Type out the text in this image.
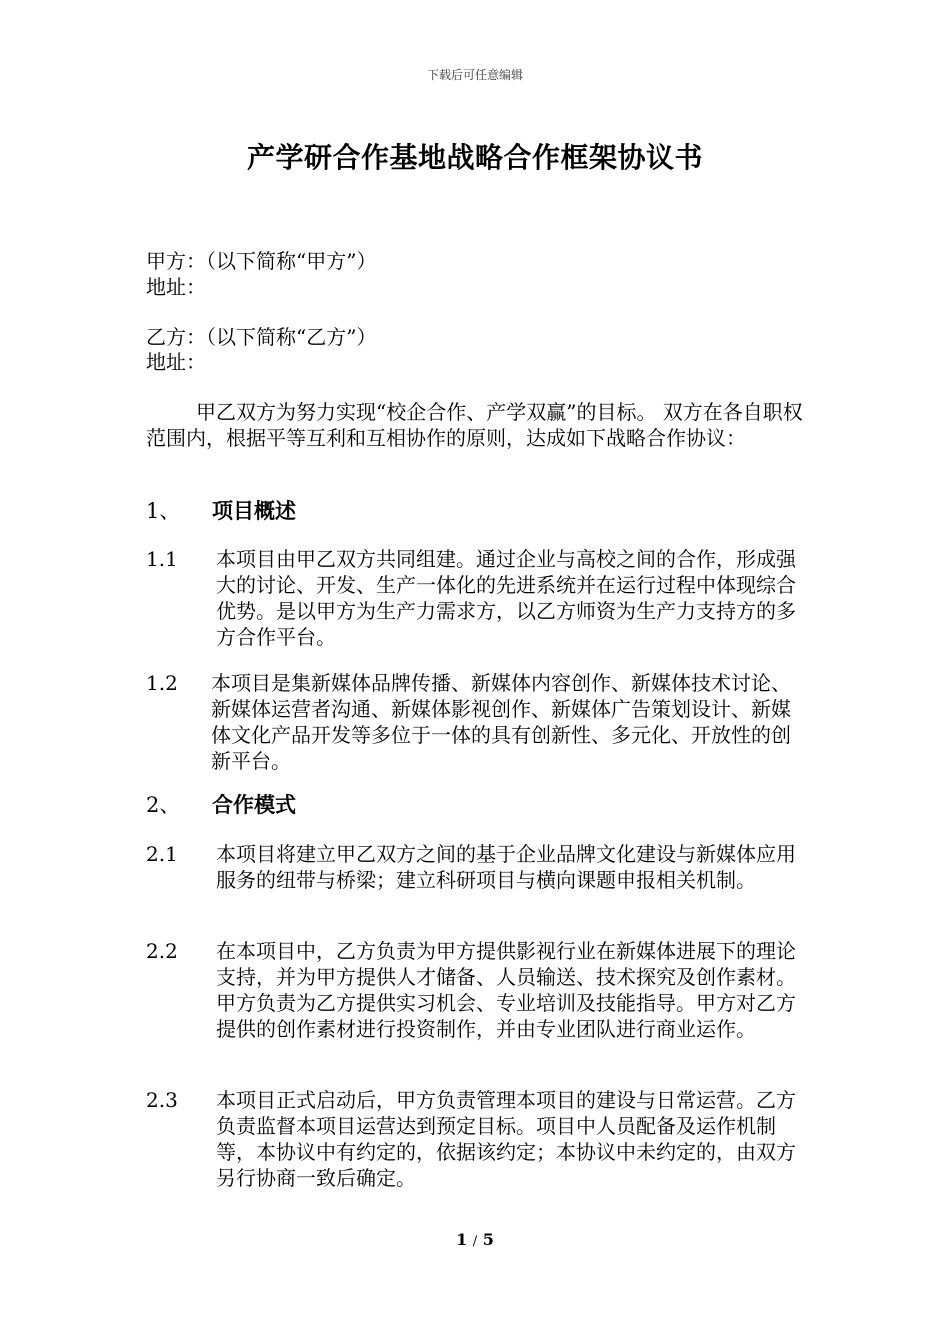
下载后可任意编辑
产学研合作基地战略合作框架协议书
甲方：（以下简称“甲方”）
地址：
乙方：（以下简称“乙方”）
地址：
甲乙双方为努力实现“校企合作、产学双赢”的目标。 双方在各自职权范围内，根据平等互利和互相协作的原则，达成如下战略合作协议：
1、 项目概述
1.1 本项目由甲乙双方共同组建。通过企业与高校之间的合作，形成强大的讨论、开发、生产一体化的先进系统并在运行过程中体现综合优势。是以甲方为生产力需求方，以乙方师资为生产力支持方的多方合作平台。
1.2 本项目是集新媒体品牌传播、新媒体内容创作、新媒体技术讨论、新媒体运营者沟通、新媒体影视创作、新媒体广告策划设计、新媒体文化产品开发等多位于一体的具有创新性、多元化、开放性的创新平台。
2、 合作模式
2.1 本项目将建立甲乙双方之间的基于企业品牌文化建设与新媒体应用服务的纽带与桥梁；建立科研项目与横向课题申报相关机制。
2.2 在本项目中，乙方负责为甲方提供影视行业在新媒体进展下的理论支持，并为甲方提供人才储备、人员输送、技术探究及创作素材。甲方负责为乙方提供实习机会、专业培训及技能指导。甲方对乙方提供的创作素材进行投资制作，并由专业团队进行商业运作。
2.3 本项目正式启动后，甲方负责管理本项目的建设与日常运营。乙方负责监督本项目运营达到预定目标。项目中人员配备及运作机制等，本协议中有约定的，依据该约定；本协议中未约定的，由双方另行协商一致后确定。
1 / 5
